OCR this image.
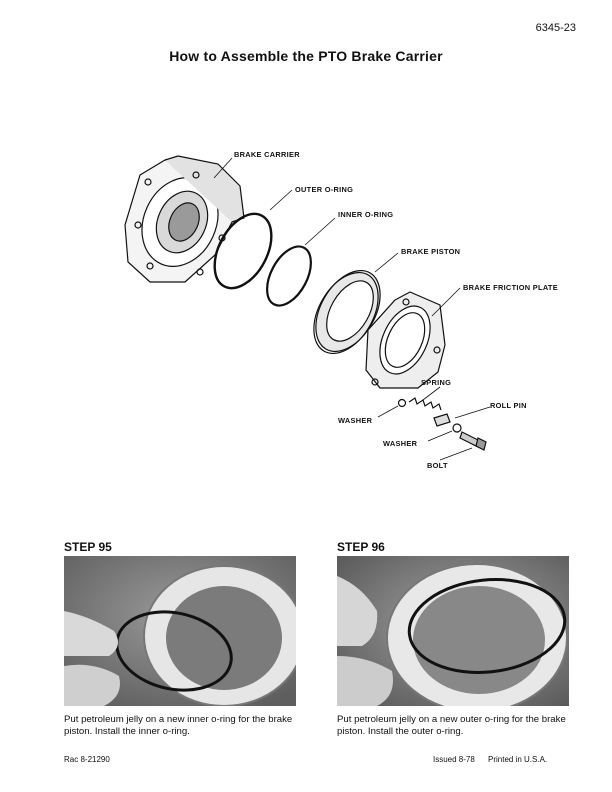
6345-23
How to Assemble the PTO Brake Carrier
BRAKE CARRIER
OUTER O-RING
INNER O-RING
BRAKE PISTON
BRAKE FRICTION PLATE
SPRING
ROLL PIN
WASHER
WASHER
BOLT
STEP 95
Put petroleum jelly on a new inner o-ring for the brake piston. Install the inner o-ring.
STEP 96
Put petroleum jelly on a new outer o-ring for the brake piston. Install the outer o-ring.
Rac 8-21290	Issued 8-78 Printed in U.S.A.
